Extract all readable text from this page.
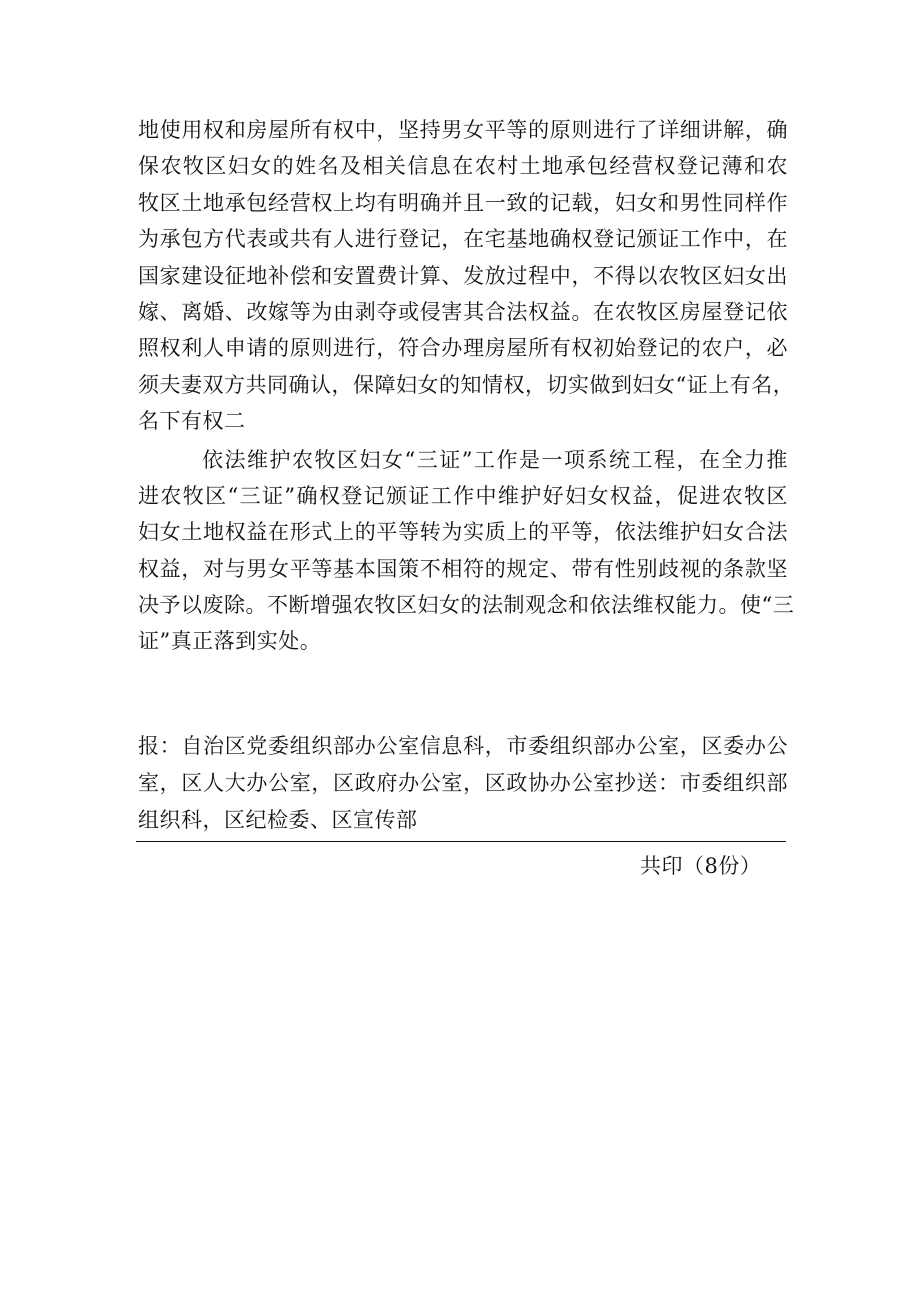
地使用权和房屋所有权中，坚持男女平等的原则进行了详细讲解，确
保农牧区妇女的姓名及相关信息在农村土地承包经营权登记薄和农
牧区土地承包经营权上均有明确并且一致的记载，妇女和男性同样作
为承包方代表或共有人进行登记，在宅基地确权登记颁证工作中，在
国家建设征地补偿和安置费计算、发放过程中，不得以农牧区妇女出
嫁、离婚、改嫁等为由剥夺或侵害其合法权益。在农牧区房屋登记依
照权利人申请的原则进行，符合办理房屋所有权初始登记的农户，必
须夫妻双方共同确认，保障妇女的知情权，切实做到妇女“证上有名，
名下有权二
依法维护农牧区妇女“三证”工作是一项系统工程，在全力推
进农牧区“三证”确权登记颁证工作中维护好妇女权益，促进农牧区
妇女土地权益在形式上的平等转为实质上的平等，依法维护妇女合法
权益，对与男女平等基本国策不相符的规定、带有性别歧视的条款坚
决予以废除。不断增强农牧区妇女的法制观念和依法维权能力。使“三
证”真正落到实处。
报：自治区党委组织部办公室信息科，市委组织部办公室，区委办公
室，区人大办公室，区政府办公室，区政协办公室抄送：市委组织部
组织科，区纪检委、区宣传部
共印（8份）
